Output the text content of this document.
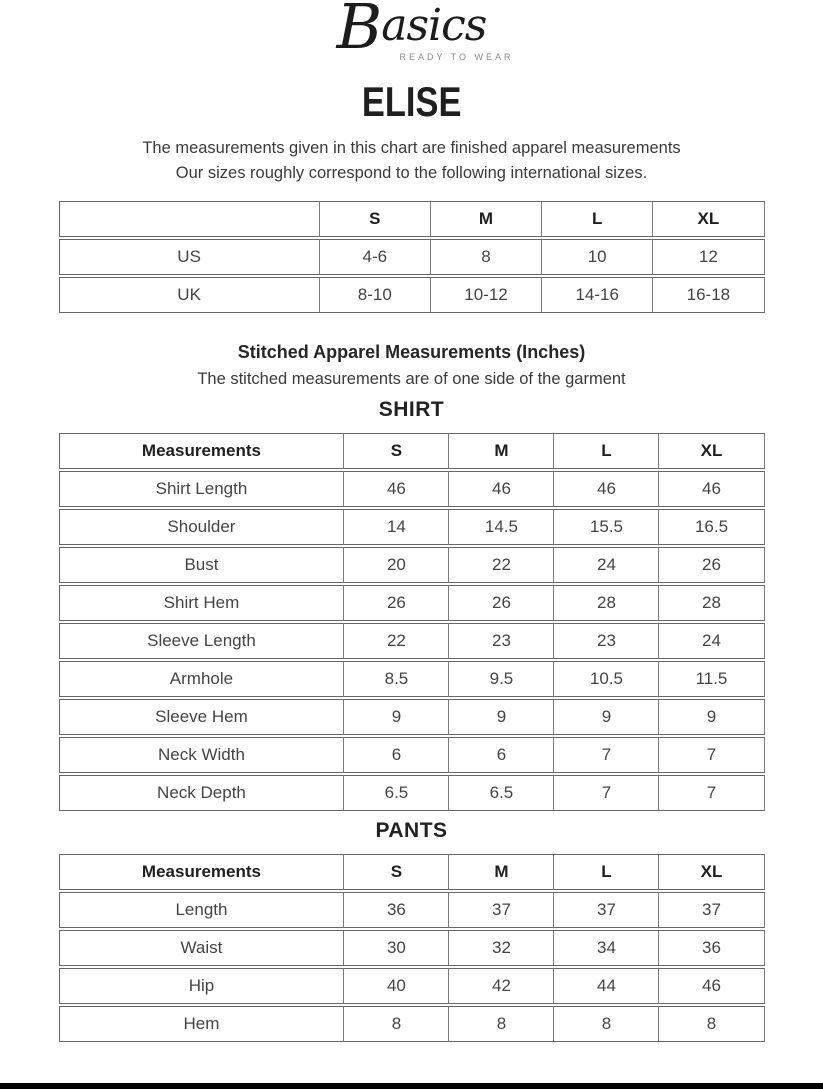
Basics
READY TO WEAR
ELISE
The measurements given in this chart are finished apparel measurements
Our sizes roughly correspond to the following international sizes.
	S	M	L	XL
US	4-6	8	10	12
UK	8-10	10-12	14-16	16-18
Stitched Apparel Measurements (Inches)
The stitched measurements are of one side of the garment
SHIRT
Measurements	S	M	L	XL
Shirt Length	46	46	46	46
Shoulder	14	14.5	15.5	16.5
Bust	20	22	24	26
Shirt Hem	26	26	28	28
Sleeve Length	22	23	23	24
Armhole	8.5	9.5	10.5	11.5
Sleeve Hem	9	9	9	9
Neck Width	6	6	7	7
Neck Depth	6.5	6.5	7	7
PANTS
Measurements	S	M	L	XL
Length	36	37	37	37
Waist	30	32	34	36
Hip	40	42	44	46
Hem	8	8	8	8
